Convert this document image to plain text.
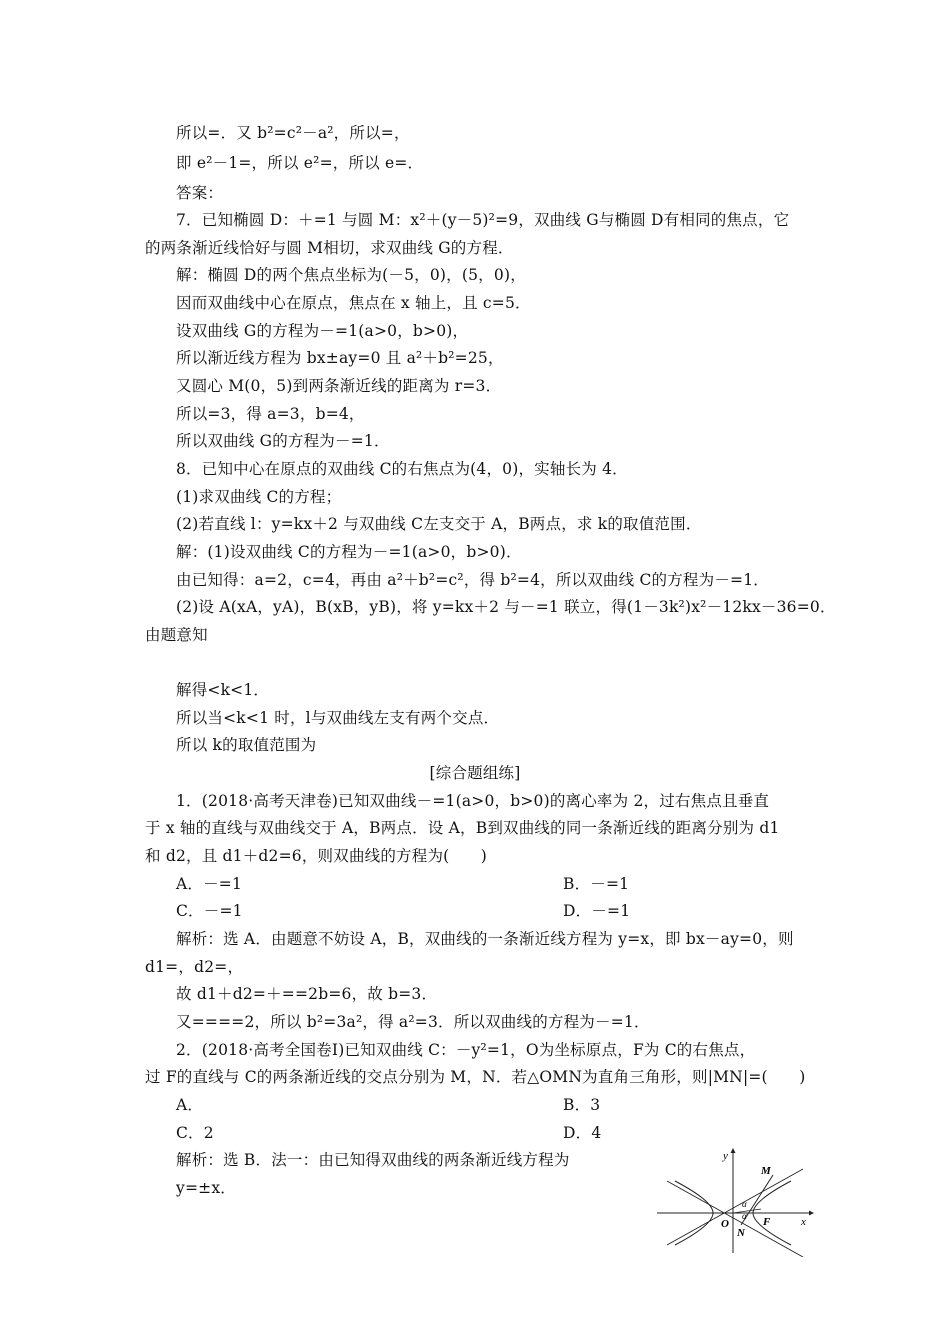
所以=．又 b²=c²－a²，所以=，
即 e²－1=，所以 e²=，所以 e=．
答案：
7．已知椭圆 D：＋=1 与圆 M：x²＋(y－5)²=9，双曲线 G与椭圆 D有相同的焦点，它
的两条渐近线恰好与圆 M相切，求双曲线 G的方程．
解：椭圆 D的两个焦点坐标为(－5，0)，(5，0)，
因而双曲线中心在原点，焦点在 x 轴上，且 c=5．
设双曲线 G的方程为－=1(a>0，b>0)，
所以渐近线方程为 bx±ay=0 且 a²＋b²=25，
又圆心 M(0，5)到两条渐近线的距离为 r=3．
所以=3，得 a=3，b=4，
所以双曲线 G的方程为－=1．
8．已知中心在原点的双曲线 C的右焦点为(4，0)，实轴长为 4．
(1)求双曲线 C的方程；
(2)若直线 l：y=kx＋2 与双曲线 C左支交于 A，B两点，求 k的取值范围．
解：(1)设双曲线 C的方程为－=1(a>0，b>0)．
由已知得：a=2，c=4，再由 a²＋b²=c²，得 b²=4，所以双曲线 C的方程为－=1．
(2)设 A(xA，yA)，B(xB，yB)，将 y=kx＋2 与－=1 联立，得(1－3k²)x²－12kx－36=0．
由题意知
解得<k<1．
所以当<k<1 时，l与双曲线左支有两个交点．
所以 k的取值范围为
[综合题组练]
1．(2018·高考天津卷)已知双曲线－=1(a>0，b>0)的离心率为 2，过右焦点且垂直
于 x 轴的直线与双曲线交于 A，B两点．设 A，B到双曲线的同一条渐近线的距离分别为 d1
和 d2，且 d1＋d2=6，则双曲线的方程为(　　)
A．－=1	B．－=1
C．－=1	D．－=1
解析：选 A．由题意不妨设 A，B，双曲线的一条渐近线方程为 y=x，即 bx－ay=0，则
d1=，d2=，
故 d1＋d2=＋==2b=6，故 b=3．
又====2，所以 b²=3a²，得 a²=3．所以双曲线的方程为－=1．
2．(2018·高考全国卷Ⅰ)已知双曲线 C：－y²=1，O为坐标原点，F为 C的右焦点，
过 F的直线与 C的两条渐近线的交点分别为 M，N．若△OMN为直角三角形，则|MN|=(　　)
A．	B．3
C．2	D．4
解析：选 B．法一：由已知得双曲线的两条渐近线方程为
y=±x．
y
x
O
M
N
F
α
α
